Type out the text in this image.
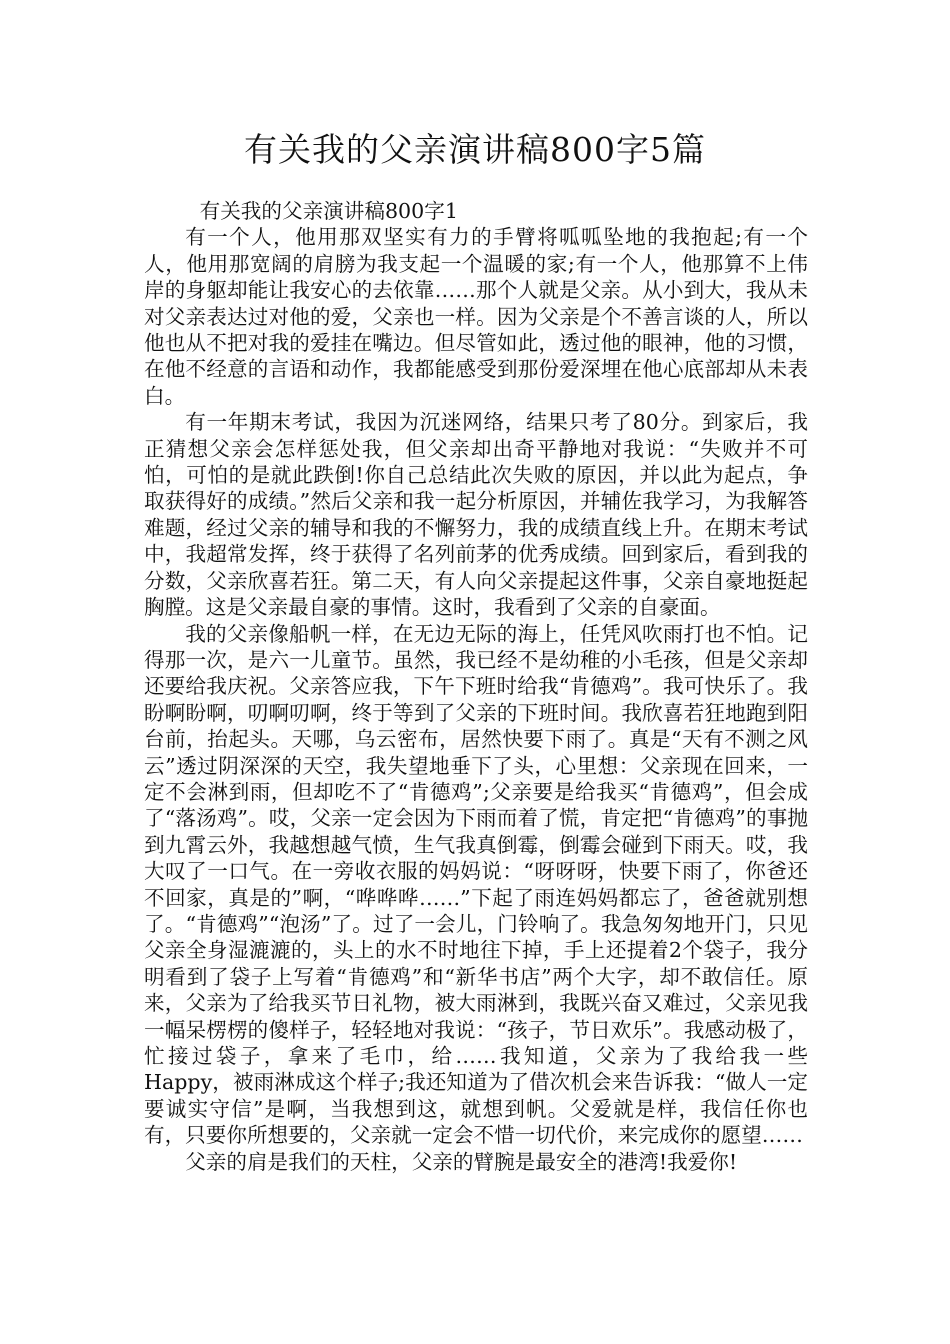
有关我的父亲演讲稿800字5篇

有关我的父亲演讲稿800字1

有一个人，他用那双坚实有力的手臂将呱呱坠地的我抱起;有一个人，他用那宽阔的肩膀为我支起一个温暖的家;有一个人，他那算不上伟岸的身躯却能让我安心的去依靠……那个人就是父亲。从小到大，我从未对父亲表达过对他的爱，父亲也一样。因为父亲是个不善言谈的人，所以他也从不把对我的爱挂在嘴边。但尽管如此，透过他的眼神，他的习惯，在他不经意的言语和动作，我都能感受到那份爱深埋在他心底部却从未表白。

有一年期末考试，我因为沉迷网络，结果只考了80分。到家后，我正猜想父亲会怎样惩处我，但父亲却出奇平静地对我说：“失败并不可怕，可怕的是就此跌倒!你自己总结此次失败的原因，并以此为起点，争取获得好的成绩。”然后父亲和我一起分析原因，并辅佐我学习，为我解答难题，经过父亲的辅导和我的不懈努力，我的成绩直线上升。在期末考试中，我超常发挥，终于获得了名列前茅的优秀成绩。回到家后，看到我的分数，父亲欣喜若狂。第二天，有人向父亲提起这件事，父亲自豪地挺起胸膛。这是父亲最自豪的事情。这时，我看到了父亲的自豪面。

我的父亲像船帆一样，在无边无际的海上，任凭风吹雨打也不怕。记得那一次，是六一儿童节。虽然，我已经不是幼稚的小毛孩，但是父亲却还要给我庆祝。父亲答应我，下午下班时给我“肯德鸡”。我可快乐了。我盼啊盼啊，叨啊叨啊，终于等到了父亲的下班时间。我欣喜若狂地跑到阳台前，抬起头。天哪，乌云密布，居然快要下雨了。真是“天有不测之风云”透过阴深深的天空，我失望地垂下了头，心里想：父亲现在回来，一定不会淋到雨，但却吃不了“肯德鸡”;父亲要是给我买“肯德鸡”，但会成了“落汤鸡”。哎，父亲一定会因为下雨而着了慌，肯定把“肯德鸡”的事抛到九霄云外，我越想越气愤，生气我真倒霉，倒霉会碰到下雨天。哎，我大叹了一口气。在一旁收衣服的妈妈说：“呀呀呀，快要下雨了，你爸还不回家，真是的”啊，“哗哗哗……”下起了雨连妈妈都忘了，爸爸就别想了。“肯德鸡”“泡汤”了。过了一会儿，门铃响了。我急匆匆地开门，只见父亲全身湿漉漉的，头上的水不时地往下掉，手上还提着2个袋子，我分明看到了袋子上写着“肯德鸡”和“新华书店”两个大字，却不敢信任。原来，父亲为了给我买节日礼物，被大雨淋到，我既兴奋又难过，父亲见我一幅呆楞楞的傻样子，轻轻地对我说：“孩子，节日欢乐”。我感动极了，忙接过袋子，拿来了毛巾，给……我知道，父亲为了我给我一些Happy，被雨淋成这个样子;我还知道为了借次机会来告诉我：“做人一定要诚实守信”是啊，当我想到这，就想到帆。父爱就是样，我信任你也有，只要你所想要的，父亲就一定会不惜一切代价，来完成你的愿望……

父亲的肩是我们的天柱，父亲的臂腕是最安全的港湾!我爱你!
